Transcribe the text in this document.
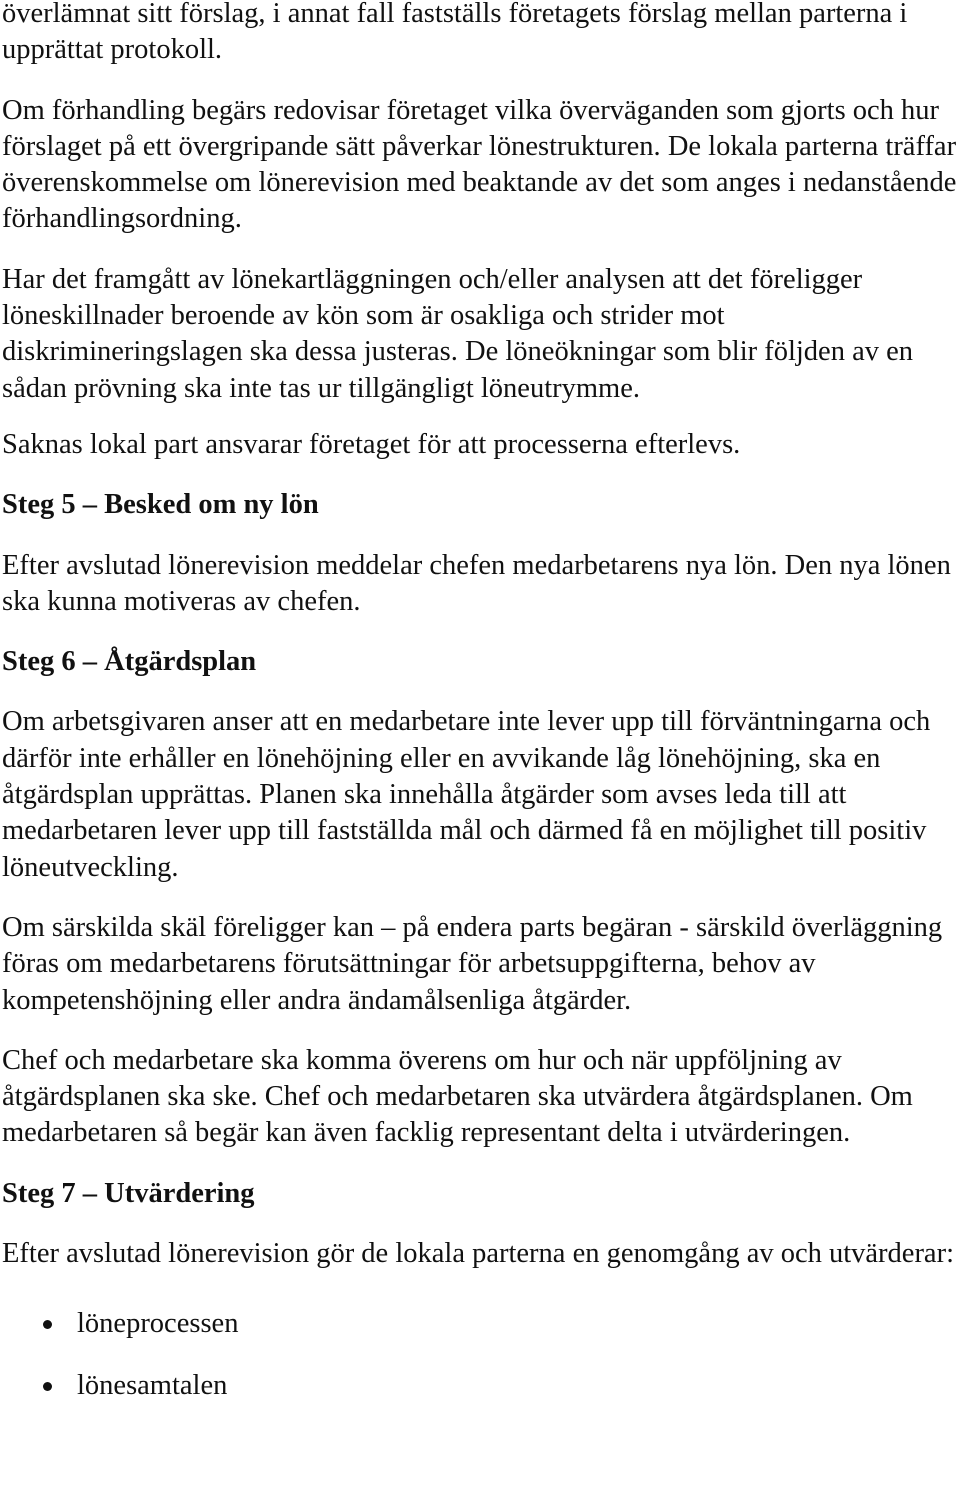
överlämnat sitt förslag, i annat fall fastställs företagets förslag mellan parterna i upprättat protokoll.

Om förhandling begärs redovisar företaget vilka överväganden som gjorts och hur förslaget på ett övergripande sätt påverkar lönestrukturen. De lokala parterna träffar överenskommelse om lönerevision med beaktande av det som anges i nedanstående förhandlingsordning.

Har det framgått av lönekartläggningen och/eller analysen att det föreligger löneskillnader beroende av kön som är osakliga och strider mot diskrimineringslagen ska dessa justeras. De löneökningar som blir följden av en sådan prövning ska inte tas ur tillgängligt löneutrymme.

Saknas lokal part ansvarar företaget för att processerna efterlevs.

Steg 5 – Besked om ny lön

Efter avslutad lönerevision meddelar chefen medarbetarens nya lön. Den nya lönen ska kunna motiveras av chefen.

Steg 6 – Åtgärdsplan

Om arbetsgivaren anser att en medarbetare inte lever upp till förväntningarna och därför inte erhåller en lönehöjning eller en avvikande låg lönehöjning, ska en åtgärdsplan upprättas. Planen ska innehålla åtgärder som avses leda till att medarbetaren lever upp till fastställda mål och därmed få en möjlighet till positiv löneutveckling.

Om särskilda skäl föreligger kan – på endera parts begäran - särskild överläggning föras om medarbetarens förutsättningar för arbetsuppgifterna, behov av kompetenshöjning eller andra ändamålsenliga åtgärder.

Chef och medarbetare ska komma överens om hur och när uppföljning av åtgärdsplanen ska ske. Chef och medarbetaren ska utvärdera åtgärdsplanen. Om medarbetaren så begär kan även facklig representant delta i utvärderingen.

Steg 7 – Utvärdering

Efter avslutad lönerevision gör de lokala parterna en genomgång av och utvärderar:

löneprocessen
lönesamtalen
